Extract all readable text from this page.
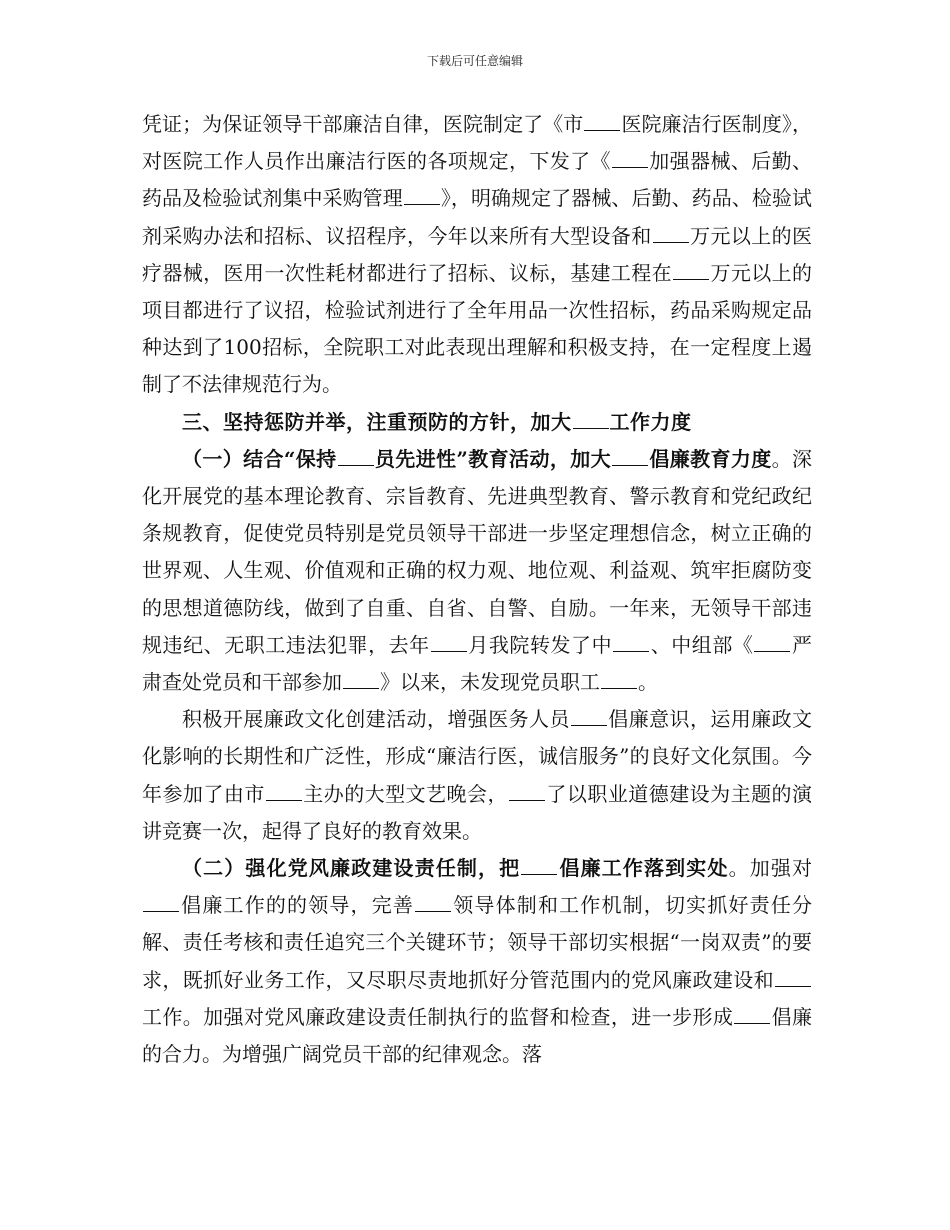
下载后可任意编辑

凭证；为保证领导干部廉洁自律，医院制定了《市 医院廉洁行医制度》，对医院工作人员作出廉洁行医的各项规定，下发了《 加强器械、后勤、药品及检验试剂集中采购管理 》，明确规定了器械、后勤、药品、检验试剂采购办法和招标、议招程序，今年以来所有大型设备和 万元以上的医疗器械，医用一次性耗材都进行了招标、议标，基建工程在 万元以上的项目都进行了议招，检验试剂进行了全年用品一次性招标，药品采购规定品种达到了100招标，全院职工对此表现出理解和积极支持，在一定程度上遏制了不法律规范行为。

三、坚持惩防并举，注重预防的方针，加大 工作力度

（一）结合“保持 员先进性”教育活动，加大 倡廉教育力度。深化开展党的基本理论教育、宗旨教育、先进典型教育、警示教育和党纪政纪条规教育，促使党员特别是党员领导干部进一步坚定理想信念，树立正确的世界观、人生观、价值观和正确的权力观、地位观、利益观、筑牢拒腐防变的思想道德防线，做到了自重、自省、自警、自励。一年来，无领导干部违规违纪、无职工违法犯罪，去年 月我院转发了中 、中组部《 严肃查处党员和干部参加 》以来，未发现党员职工 。

积极开展廉政文化创建活动，增强医务人员 倡廉意识，运用廉政文化影响的长期性和广泛性，形成“廉洁行医，诚信服务”的良好文化氛围。今年参加了由市 主办的大型文艺晚会， 了以职业道德建设为主题的演讲竞赛一次，起得了良好的教育效果。

（二）强化党风廉政建设责任制，把 倡廉工作落到实处。加强对倡廉工作的的领导，完善 领导体制和工作机制，切实抓好责任分解、责任考核和责任追究三个关键环节；领导干部切实根据“一岗双责”的要求，既抓好业务工作，又尽职尽责地抓好分管范围内的党风廉政建设和工作。加强对党风廉政建设责任制执行的监督和检查，进一步形成 倡廉的合力。为增强广阔党员干部的纪律观念。落
